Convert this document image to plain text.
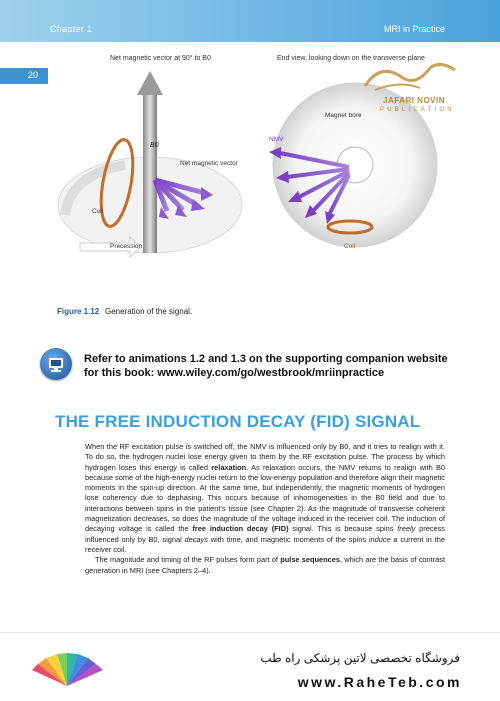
Chapter 1	MRI in Practice
20
Net magnetic vector at 90° to B0	End view, looking down on the transverse plane
B0
Net magnetic vector
Coil
Precession
Magnet bore
NMV
Coil
JAFARI NOVIN
PUBLICATION
Figure 1.12 Generation of the signal.
Refer to animations 1.2 and 1.3 on the supporting companion website for this book: www.wiley.com/go/westbrook/mriinpractice
THE FREE INDUCTION DECAY (FID) SIGNAL

When the RF excitation pulse is switched off, the NMV is influenced only by B0, and it tries to realign with it. To do so, the hydrogen nuclei lose energy given to them by the RF excitation pulse. The process by which hydrogen loses this energy is called relaxation. As relaxation occurs, the NMV returns to realign with B0 because some of the high-energy nuclei return to the low-energy population and therefore align their magnetic moments in the spin-up direction. At the same time, but independently, the magnetic moments of hydrogen lose coherency due to dephasing. This occurs because of inhomogeneities in the B0 field and due to interactions between spins in the patient's tissue (see Chapter 2). As the magnitude of transverse coherent magnetization decreases, so does the magnitude of the voltage induced in the receiver coil. The induction of decaying voltage is called the free induction decay (FID) signal. This is because spins freely precess influenced only by B0, signal decays with time, and magnetic moments of the spins induce a current in the receiver coil.

The magnitude and timing of the RF pulses form part of pulse sequences, which are the basis of contrast generation in MRI (see Chapters 2–4).

فروشگاه تخصصی لاتین پزشکی راه طب
www.RaheTeb.com
